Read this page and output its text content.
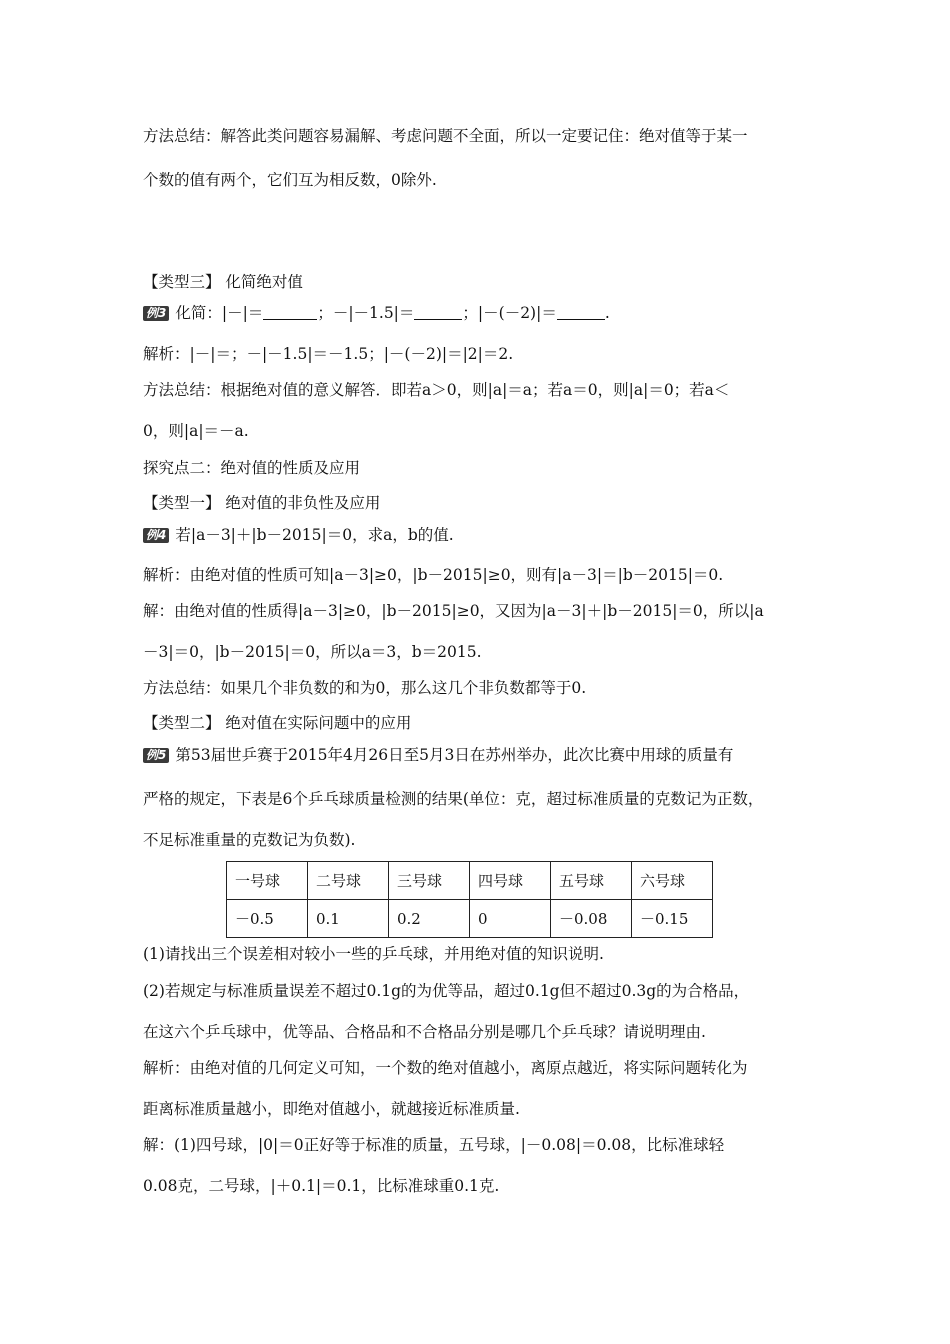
方法总结：解答此类问题容易漏解、考虑问题不全面，所以一定要记住：绝对值等于某一
个数的值有两个，它们互为相反数，0除外.
【类型三】 化简绝对值
例3 化简：|－|＝	；－|－1.5|＝	；|－(－2)|＝	.
解析：|－|＝；－|－1.5|＝－1.5；|－(－2)|＝|2|＝2.
方法总结：根据绝对值的意义解答．即若a＞0，则|a|＝a；若a＝0，则|a|＝0；若a＜
0，则|a|＝－a.
探究点二：绝对值的性质及应用
【类型一】 绝对值的非负性及应用
例4 若|a－3|＋|b－2015|＝0，求a，b的值.
解析：由绝对值的性质可知|a－3|≥0，|b－2015|≥0，则有|a－3|＝|b－2015|＝0.
解：由绝对值的性质得|a－3|≥0，|b－2015|≥0，又因为|a－3|＋|b－2015|＝0，所以|a
－3|＝0，|b－2015|＝0，所以a＝3，b＝2015.
方法总结：如果几个非负数的和为0，那么这几个非负数都等于0.
【类型二】 绝对值在实际问题中的应用
例5 第53届世乒赛于2015年4月26日至5月3日在苏州举办，此次比赛中用球的质量有
严格的规定，下表是6个乒乓球质量检测的结果(单位：克，超过标准质量的克数记为正数，
不足标准重量的克数记为负数).
一号球	二号球	三号球	四号球	五号球	六号球
－0.5	0.1	0.2	0	－0.08	－0.15
(1)请找出三个误差相对较小一些的乒乓球，并用绝对值的知识说明.
(2)若规定与标准质量误差不超过0.1g的为优等品，超过0.1g但不超过0.3g的为合格品，
在这六个乒乓球中，优等品、合格品和不合格品分别是哪几个乒乓球？请说明理由.
解析：由绝对值的几何定义可知，一个数的绝对值越小，离原点越近，将实际问题转化为
距离标准质量越小，即绝对值越小，就越接近标准质量.
解：(1)四号球，|0|＝0正好等于标准的质量，五号球，|－0.08|＝0.08，比标准球轻
0.08克，二号球，|＋0.1|＝0.1，比标准球重0.1克.
